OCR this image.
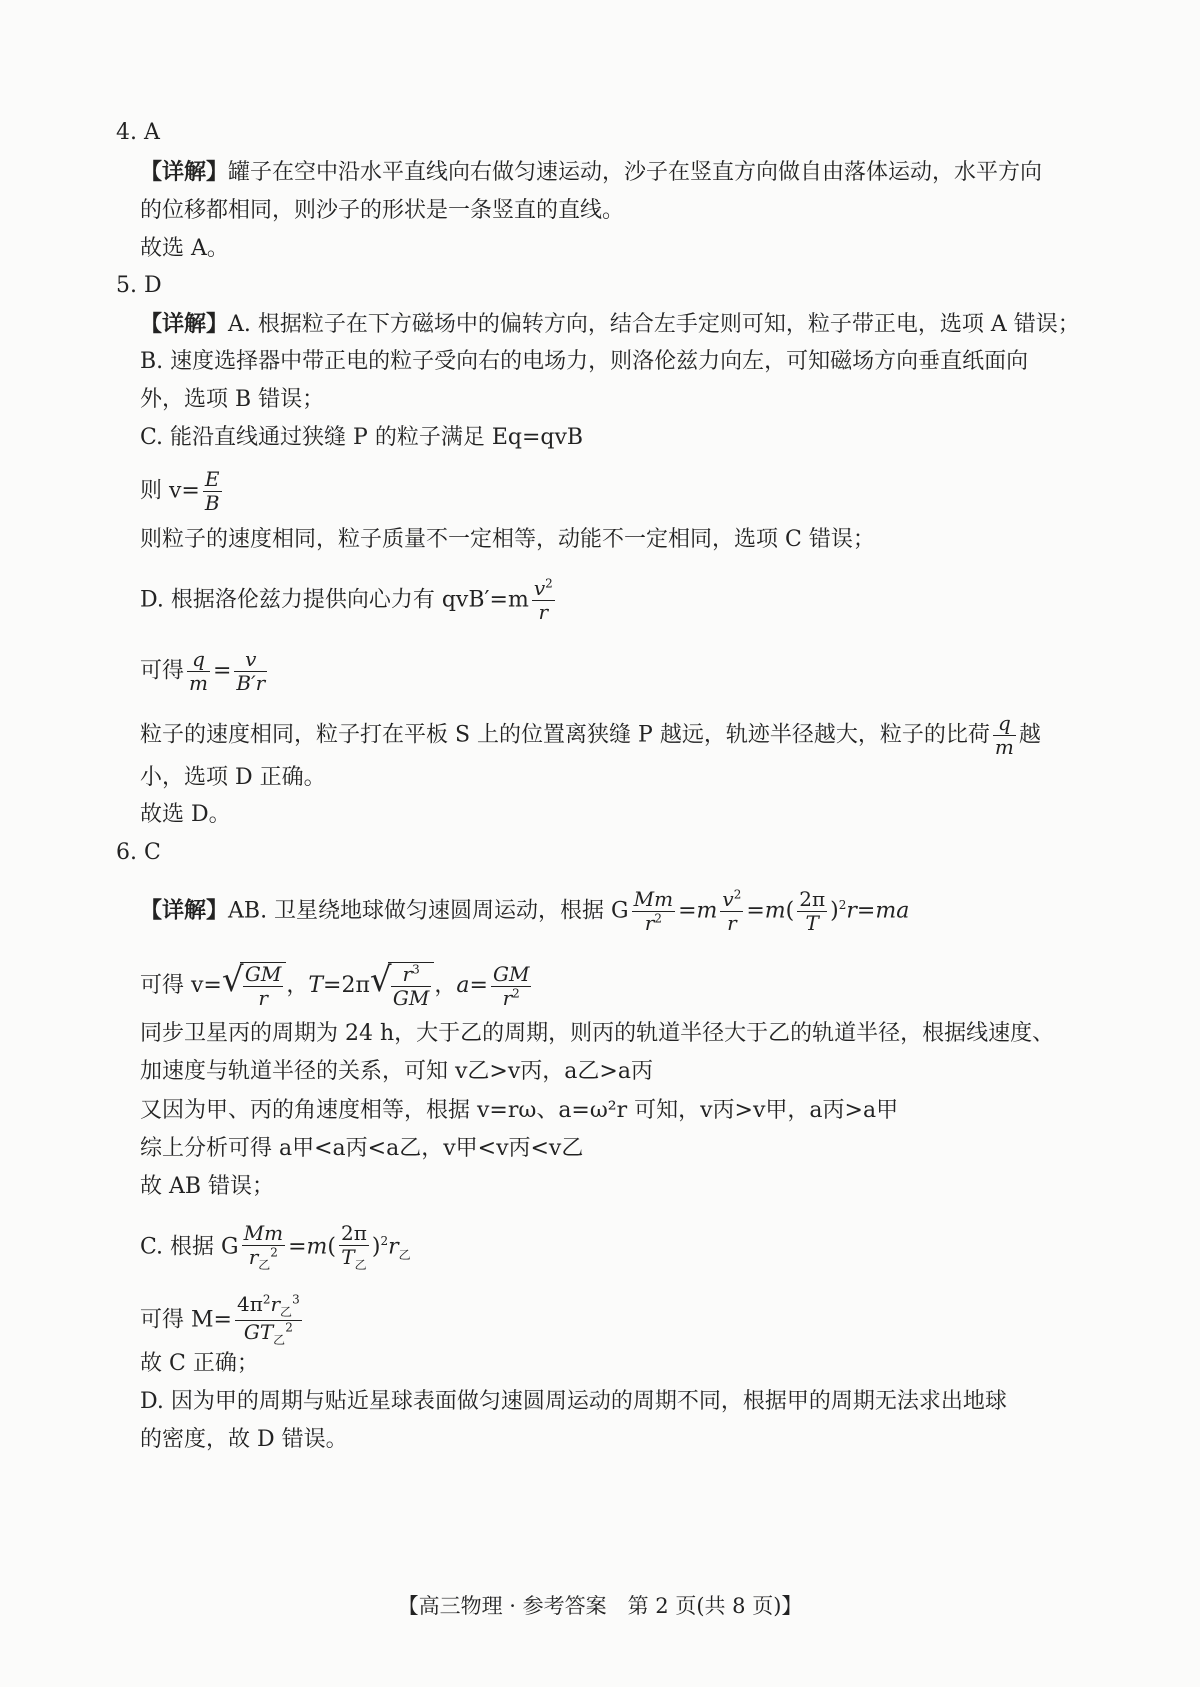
4. A
【详解】罐子在空中沿水平直线向右做匀速运动，沙子在竖直方向做自由落体运动，水平方向
的位移都相同，则沙子的形状是一条竖直的直线。
故选 A。
5. D
【详解】A. 根据粒子在下方磁场中的偏转方向，结合左手定则可知，粒子带正电，选项 A 错误；
B. 速度选择器中带正电的粒子受向右的电场力，则洛伦兹力向左，可知磁场方向垂直纸面向
外，选项 B 错误；
C. 能沿直线通过狭缝 P 的粒子满足 Eq=qvB
则 $v= \frac{E}{B}$
则粒子的速度相同，粒子质量不一定相等，动能不一定相同，选项 C 错误；
D. 根据洛伦兹力提供向心力有 $qvB'=m \frac{v^2}{r}$
可得 $\frac{q}{m} = \frac{v}{B'r}$
粒子的速度相同，粒子打在平板 S 上的位置离狭缝 P 越远，轨迹半径越大，粒子的比荷 $\frac{q}{m}$ 越
小，选项 D 正确。
故选 D。
6. C
【详解】AB. 卫星绕地球做匀速圆周运动，根据 G $\frac{Mm}{r^2} =m \frac{v^2}{r} =m( \frac{2\pi}{T} )^2r=ma$
可得 v= √ $\frac{GM}{r}$ ，T=2π √ $\frac{r^3}{GM}$ ，$a= \frac{GM}{r^2}$
同步卫星丙的周期为 24 h，大于乙的周期，则丙的轨道半径大于乙的轨道半径，根据线速度、
加速度与轨道半径的关系，可知 v乙>v丙，a乙>a丙
又因为甲、丙的角速度相等，根据 v=rω、a=ω²r 可知，v丙>v甲，a丙>a甲
综上分析可得 a甲<a丙<a乙，v甲<v丙<v乙
故 AB 错误；
C. 根据 G $\frac{Mm}{r_乙^2} =m( \frac{2\pi}{T_乙} )^2r_乙$
可得 $M= \frac{4\pi^2r_乙^3}{GT_乙^2}$
故 C 正确；
D. 因为甲的周期与贴近星球表面做匀速圆周运动的周期不同，根据甲的周期无法求出地球
的密度，故 D 错误。
【高三物理 · 参考答案　第 2 页(共 8 页)】
